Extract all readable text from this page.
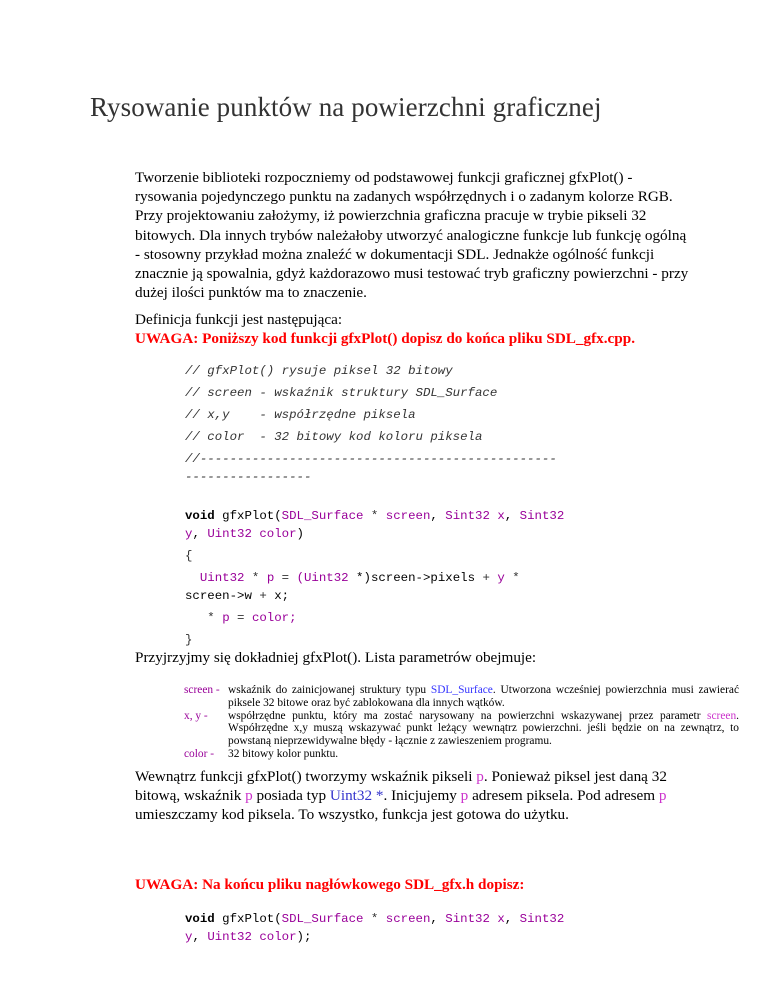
Rysowanie punktów na powierzchni graficznej

Tworzenie biblioteki rozpoczniemy od podstawowej funkcji graficznej gfxPlot() - rysowania pojedynczego punktu na zadanych współrzędnych i o zadanym kolorze RGB. Przy projektowaniu założymy, iż powierzchnia graficzna pracuje w trybie pikseli 32 bitowych. Dla innych trybów należałoby utworzyć analogiczne funkcje lub funkcję ogólną - stosowny przykład można znaleźć w dokumentacji SDL. Jednakże ogólność funkcji znacznie ją spowalnia, gdyż każdorazowo musi testować tryb graficzny powierzchni - przy dużej ilości punktów ma to znaczenie.

Definicja funkcji jest następująca:

UWAGA: Poniższy kod funkcji gfxPlot() dopisz do końca pliku SDL_gfx.cpp.

// gfxPlot() rysuje piksel 32 bitowy
// screen - wskaźnik struktury SDL_Surface
// x,y    - współrzędne piksela
// color  - 32 bitowy kod koloru piksela
//------------------------------------------------
-----------------
void gfxPlot(SDL_Surface * screen, Sint32 x, Sint32
y, Uint32 color)
{
Uint32 * p = (Uint32 *)screen->pixels + y *
screen->w + x;
* p = color;
}

Przyjrzyjmy się dokładniej gfxPlot(). Lista parametrów obejmuje:

screen - wskaźnik do zainicjowanej struktury typu SDL_Surface. Utworzona wcześniej powierzchnia musi zawierać piksele 32 bitowe oraz być zablokowana dla innych wątków.
x, y -	współrzędne punktu, który ma zostać narysowany na powierzchni wskazywanej przez parametr screen. Współrzędne x,y muszą wskazywać punkt leżący wewnątrz powierzchni. jeśli będzie on na zewnątrz, to powstaną nieprzewidywalne błędy - łącznie z zawieszeniem programu.
color -	32 bitowy kolor punktu.

Wewnątrz funkcji gfxPlot() tworzymy wskaźnik pikseli p. Ponieważ piksel jest daną 32 bitową, wskaźnik p posiada typ Uint32 *. Inicjujemy p adresem piksela. Pod adresem p umieszczamy kod piksela. To wszystko, funkcja jest gotowa do użytku.

UWAGA: Na końcu pliku nagłówkowego SDL_gfx.h dopisz:

void gfxPlot(SDL_Surface * screen, Sint32 x, Sint32
y, Uint32 color);
